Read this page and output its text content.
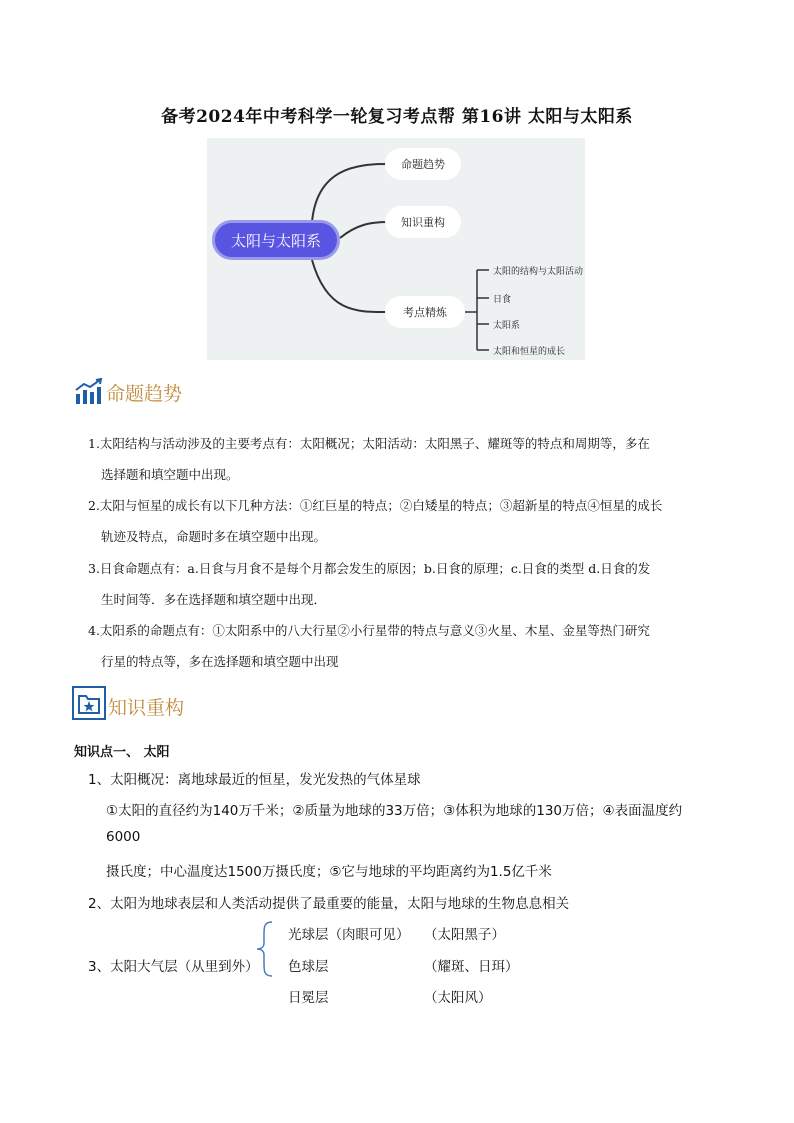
备考2024年中考科学一轮复习考点帮 第16讲 太阳与太阳系
太阳与太阳系
命题趋势
知识重构
考点精炼
太阳的结构与太阳活动
日食
太阳系
太阳和恒星的成长
命题趋势
1.太阳结构与活动涉及的主要考点有：太阳概况；太阳活动：太阳黑子、耀斑等的特点和周期等，多在
选择题和填空题中出现。
2.太阳与恒星的成长有以下几种方法：①红巨星的特点；②白矮星的特点；③超新星的特点④恒星的成长
轨迹及特点，命题时多在填空题中出现。
3.日食命题点有：a.日食与月食不是每个月都会发生的原因；b.日食的原理；c.日食的类型 d.日食的发
生时间等．多在选择题和填空题中出现．
4.太阳系的命题点有：①太阳系中的八大行星②小行星带的特点与意义③火星、木星、金星等热门研究
行星的特点等，多在选择题和填空题中出现
知识重构
知识点一、 太阳
1、太阳概况：离地球最近的恒星，发光发热的气体星球
①太阳的直径约为140万千米；②质量为地球的33万倍；③体积为地球的130万倍；④表面温度约
6000
摄氏度；中心温度达1500万摄氏度；⑤它与地球的平均距离约为1.5亿千米
2、太阳为地球表层和人类活动提供了最重要的能量，太阳与地球的生物息息相关
3、太阳大气层（从里到外）
光球层（肉眼可见） （太阳黑子）
色球层	（耀斑、日珥）
日冕层	（太阳风）
